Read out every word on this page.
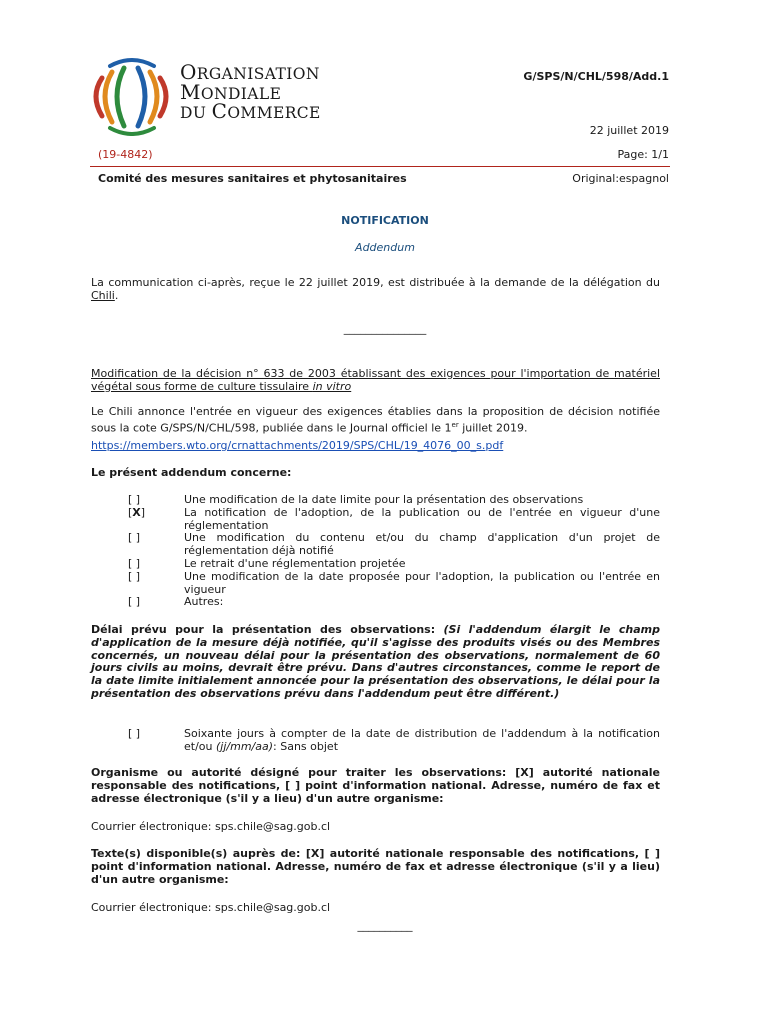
ORGANISATION
MONDIALE
DU COMMERCE
G/SPS/N/CHL/598/Add.1
22 juillet 2019
(19-4842)	Page: 1/1
Comité des mesures sanitaires et phytosanitaires	Original:espagnol
NOTIFICATION
Addendum
La communication ci-après, reçue le 22 juillet 2019, est distribuée à la demande de la délégation du Chili.
_______________
Modification de la décision n° 633 de 2003 établissant des exigences pour l'importation de matériel végétal sous forme de culture tissulaire in vitro
Le Chili annonce l'entrée en vigueur des exigences établies dans la proposition de décision notifiée sous la cote G/SPS/N/CHL/598, publiée dans le Journal officiel le 1er juillet 2019.
https://members.wto.org/crnattachments/2019/SPS/CHL/19_4076_00_s.pdf
Le présent addendum concerne:
[ ]	Une modification de la date limite pour la présentation des observations
[X]	La notification de l'adoption, de la publication ou de l'entrée en vigueur d'une réglementation
[ ]	Une modification du contenu et/ou du champ d'application d'un projet de réglementation déjà notifié
[ ]	Le retrait d'une réglementation projetée
[ ]	Une modification de la date proposée pour l'adoption, la publication ou l'entrée en vigueur
[ ]	Autres:
Délai prévu pour la présentation des observations: (Si l'addendum élargit le champ d'application de la mesure déjà notifiée, qu'il s'agisse des produits visés ou des Membres concernés, un nouveau délai pour la présentation des observations, normalement de 60 jours civils au moins, devrait être prévu. Dans d'autres circonstances, comme le report de la date limite initialement annoncée pour la présentation des observations, le délai pour la présentation des observations prévu dans l'addendum peut être différent.)
[ ]	Soixante jours à compter de la date de distribution de l'addendum à la notification et/ou (jj/mm/aa): Sans objet
Organisme ou autorité désigné pour traiter les observations: [X] autorité nationale responsable des notifications, [ ] point d'information national. Adresse, numéro de fax et adresse électronique (s'il y a lieu) d'un autre organisme:
Courrier électronique: sps.chile@sag.gob.cl
Texte(s) disponible(s) auprès de: [X] autorité nationale responsable des notifications, [ ] point d'information national. Adresse, numéro de fax et adresse électronique (s'il y a lieu) d'un autre organisme:
Courrier électronique: sps.chile@sag.gob.cl
__________
